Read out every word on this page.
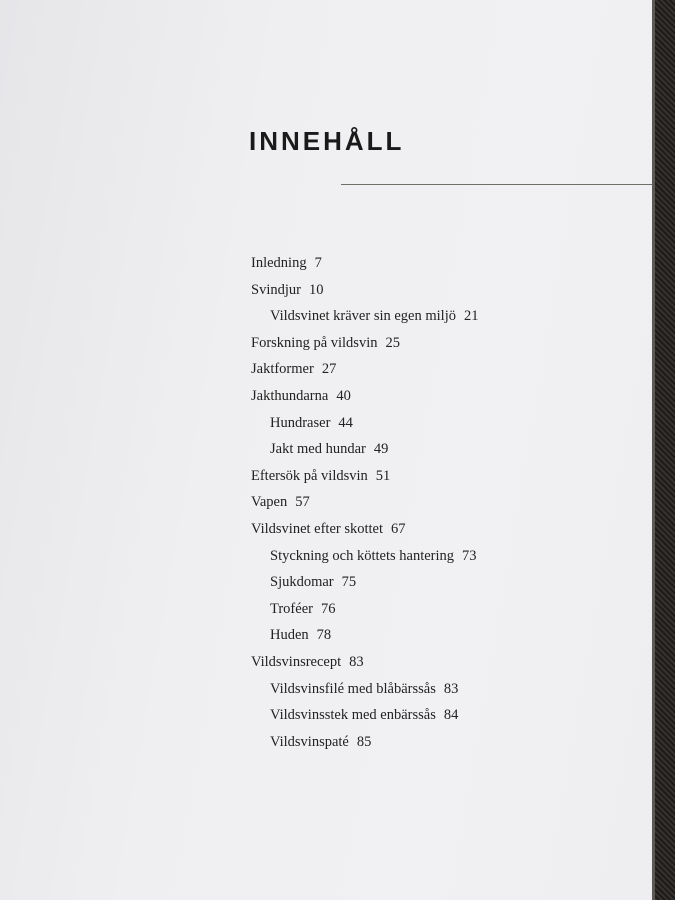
INNEHÅLL
Inledning 7
Svindjur 10
Vildsvinet kräver sin egen miljö 21
Forskning på vildsvin 25
Jaktformer 27
Jakthundarna 40
Hundraser 44
Jakt med hundar 49
Eftersök på vildsvin 51
Vapen 57
Vildsvinet efter skottet 67
Styckning och köttets hantering 73
Sjukdomar 75
Troféer 76
Huden 78
Vildsvinsrecept 83
Vildsvinsfilé med blåbärssås 83
Vildsvinsstek med enbärssås 84
Vildsvinspaté 85
